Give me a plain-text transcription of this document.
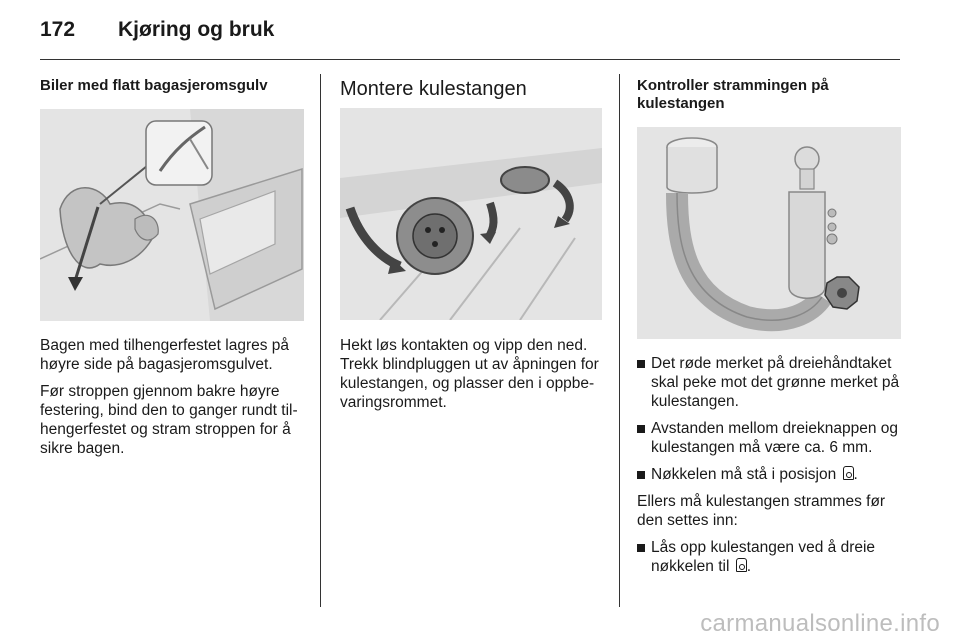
172 Kjøring og bruk
Biler med flatt bagasjeromsgulv

Bagen med tilhengerfestet lagres på høyre side på bagasjeromsgulvet.

Før stroppen gjennom bakre høyre festering, bind den to ganger rundt til-hengerfestet og stram stroppen for å sikre bagen.

Montere kulestangen

Hekt løs kontakten og vipp den ned. Trekk blindpluggen ut av åpningen for kulestangen, og plasser den i oppbe-varingsrommet.

Kontroller strammingen på kulestangen
Det røde merket på dreiehåndtaket skal peke mot det grønne merket på kulestangen.
Avstanden mellom dreieknappen og kulestangen må være ca. 6 mm.
Nøkkelen må stå i posisjon .

Ellers må kulestangen strammes før den settes inn:

Lås opp kulestangen ved å dreie nøkkelen til .
carmanualsonline.info
